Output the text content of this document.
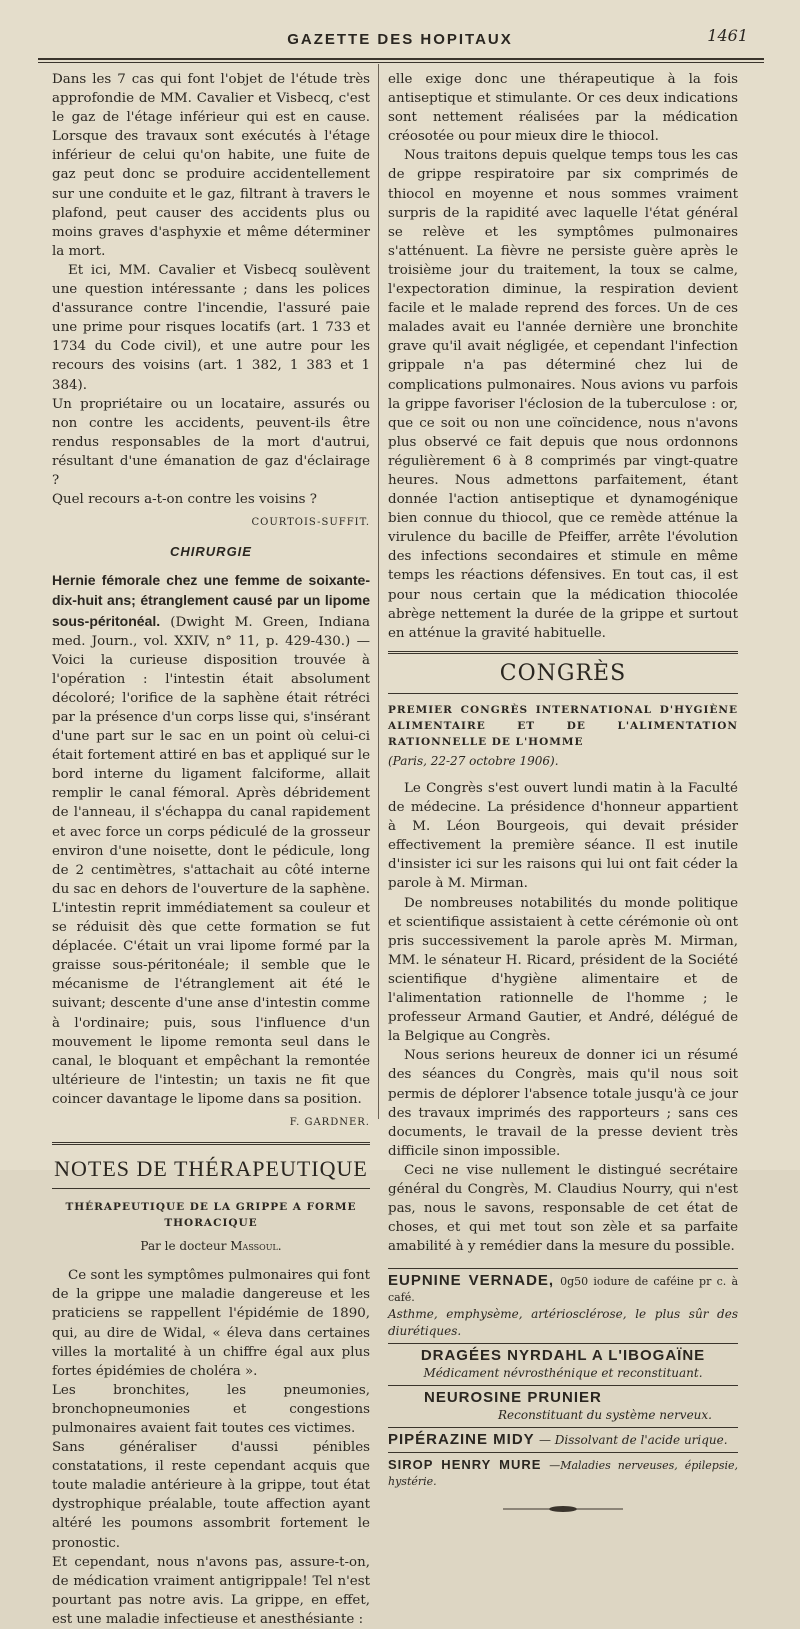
GAZETTE DES HOPITAUX	1461

Dans les 7 cas qui font l'objet de l'étude très approfondie de MM. Cavalier et Visbecq, c'est le gaz de l'étage inférieur qui est en cause. Lorsque des travaux sont exécutés à l'étage inférieur de celui qu'on habite, une fuite de gaz peut donc se produire accidentellement sur une conduite et le gaz, filtrant à travers le plafond, peut causer des accidents plus ou moins graves d'asphyxie et même déterminer la mort.

Et ici, MM. Cavalier et Visbecq soulèvent une question intéressante ; dans les polices d'assurance contre l'incendie, l'assuré paie une prime pour risques locatifs (art. 1 733 et 1734 du Code civil), et une autre pour les recours des voisins (art. 1 382, 1 383 et 1 384).

Un propriétaire ou un locataire, assurés ou non contre les accidents, peuvent-ils être rendus responsables de la mort d'autrui, résultant d'une émanation de gaz d'éclairage ?

Quel recours a-t-on contre les voisins ?

COURTOIS-SUFFIT.

CHIRURGIE

Hernie fémorale chez une femme de soixante-dix-huit ans; étranglement causé par un lipome sous-péritonéal. (Dwight M. Green, Indiana med. Journ., vol. XXIV, n° 11, p. 429-430.) — Voici la curieuse disposition trouvée à l'opération : l'intestin était absolument décoloré; l'orifice de la saphène était rétréci par la présence d'un corps lisse qui, s'insérant d'une part sur le sac en un point où celui-ci était fortement attiré en bas et appliqué sur le bord interne du ligament falciforme, allait remplir le canal fémoral. Après débridement de l'anneau, il s'échappa du canal rapidement et avec force un corps pédiculé de la grosseur environ d'une noisette, dont le pédicule, long de 2 centimètres, s'attachait au côté interne du sac en dehors de l'ouverture de la saphène. L'intestin reprit immédiatement sa couleur et se réduisit dès que cette formation se fut déplacée. C'était un vrai lipome formé par la graisse sous-péritonéale; il semble que le mécanisme de l'étranglement ait été le suivant; descente d'une anse d'intestin comme à l'ordinaire; puis, sous l'influence d'un mouvement le lipome remonta seul dans le canal, le bloquant et empêchant la remontée ultérieure de l'intestin; un taxis ne fit que coincer davantage le lipome dans sa position.

F. GARDNER.

NOTES DE THÉRAPEUTIQUE
THÉRAPEUTIQUE DE LA GRIPPE A FORME THORACIQUE
Par le docteur Massoul.

Ce sont les symptômes pulmonaires qui font de la grippe une maladie dangereuse et les praticiens se rappellent l'épidémie de 1890, qui, au dire de Widal, « éleva dans certaines villes la mortalité à un chiffre égal aux plus fortes épidémies de choléra ».

Les bronchites, les pneumonies, bronchopneumonies et congestions pulmonaires avaient fait toutes ces victimes.

Sans généraliser d'aussi pénibles constatations, il reste cependant acquis que toute maladie antérieure à la grippe, tout état dystrophique préalable, toute affection ayant altéré les poumons assombrit fortement le pronostic.

Et cependant, nous n'avons pas, assure-t-on, de médication vraiment antigrippale! Tel n'est pourtant pas notre avis. La grippe, en effet, est une maladie infectieuse et anesthésiante :

elle exige donc une thérapeutique à la fois antiseptique et stimulante. Or ces deux indications sont nettement réalisées par la médication créosotée ou pour mieux dire le thiocol.

Nous traitons depuis quelque temps tous les cas de grippe respiratoire par six comprimés de thiocol en moyenne et nous sommes vraiment surpris de la rapidité avec laquelle l'état général se relève et les symptômes pulmonaires s'atténuent. La fièvre ne persiste guère après le troisième jour du traitement, la toux se calme, l'expectoration diminue, la respiration devient facile et le malade reprend des forces. Un de ces malades avait eu l'année dernière une bronchite grave qu'il avait négligée, et cependant l'infection grippale n'a pas déterminé chez lui de complications pulmonaires. Nous avions vu parfois la grippe favoriser l'éclosion de la tuberculose : or, que ce soit ou non une coïncidence, nous n'avons plus observé ce fait depuis que nous ordonnons régulièrement 6 à 8 comprimés par vingt-quatre heures. Nous admettons parfaitement, étant donnée l'action antiseptique et dynamogénique bien connue du thiocol, que ce remède atténue la virulence du bacille de Pfeiffer, arrête l'évolution des infections secondaires et stimule en même temps les réactions défensives. En tout cas, il est pour nous certain que la médication thiocolée abrège nettement la durée de la grippe et surtout en atténue la gravité habituelle.

CONGRÈS
PREMIER CONGRÈS INTERNATIONAL D'HYGIÈNE ALIMENTAIRE ET DE L'ALIMENTATION RATIONNELLE DE L'HOMME
(Paris, 22-27 octobre 1906).

Le Congrès s'est ouvert lundi matin à la Faculté de médecine. La présidence d'honneur appartient à M. Léon Bourgeois, qui devait présider effectivement la première séance. Il est inutile d'insister ici sur les raisons qui lui ont fait céder la parole à M. Mirman.

De nombreuses notabilités du monde politique et scientifique assistaient à cette cérémonie où ont pris successivement la parole après M. Mirman, MM. le sénateur H. Ricard, président de la Société scientifique d'hygiène alimentaire et de l'alimentation rationnelle de l'homme ; le professeur Armand Gautier, et André, délégué de la Belgique au Congrès.

Nous serions heureux de donner ici un résumé des séances du Congrès, mais qu'il nous soit permis de déplorer l'absence totale jusqu'à ce jour des travaux imprimés des rapporteurs ; sans ces documents, le travail de la presse devient très difficile sinon impossible.

Ceci ne vise nullement le distingué secrétaire général du Congrès, M. Claudius Nourry, qui n'est pas, nous le savons, responsable de cet état de choses, et qui met tout son zèle et sa parfaite amabilité à y remédier dans la mesure du possible.

EUPNINE VERNADE, 0g50 iodure de caféine pr c. à café.
Asthme, emphysème, artériosclérose, le plus sûr des diurétiques.
DRAGÉES NYRDAHL A L'IBOGAÏNE
Médicament névrosthénique et reconstituant.
NEUROSINE PRUNIER
Reconstituant du système nerveux.
PIPÉRAZINE MIDY — Dissolvant de l'acide urique.
SIROP HENRY MURE —Maladies nerveuses, épilepsie, hystérie.
